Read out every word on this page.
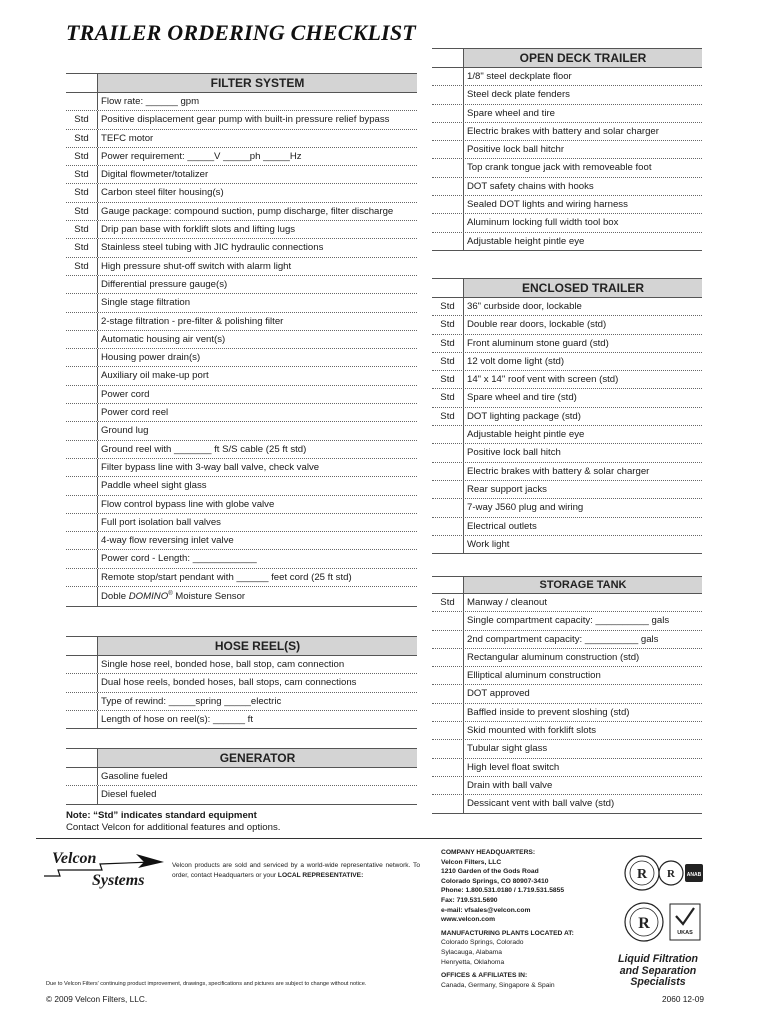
TRAILER ORDERING CHECKLIST
FILTER SYSTEM
Flow rate: ______ gpm
Std	Positive displacement gear pump with built-in pressure relief bypass
Std	TEFC motor
Std	Power requirement: _____V _____ph _____Hz
Std	Digital flowmeter/totalizer
Std	Carbon steel filter housing(s)
Std	Gauge package: compound suction, pump discharge, filter discharge
Std	Drip pan base with forklift slots and lifting lugs
Std	Stainless steel tubing with JIC hydraulic connections
Std	High pressure shut-off switch with alarm light
Differential pressure gauge(s)
Single stage filtration
2-stage filtration - pre-filter & polishing filter
Automatic housing air vent(s)
Housing power drain(s)
Auxiliary oil make-up port
Power cord
Power cord reel
Ground lug
Ground reel with _______ ft S/S cable (25 ft std)
Filter bypass line with 3-way ball valve, check valve
Paddle wheel sight glass
Flow control bypass line with globe valve
Full port isolation ball valves
4-way flow reversing inlet valve
Power cord - Length: ____________
Remote stop/start pendant with ______ feet cord (25 ft std)
Doble DOMINO® Moisture Sensor
HOSE REEL(S)
Single hose reel, bonded hose, ball stop, cam connection
Dual hose reels, bonded hoses, ball stops, cam connections
Type of rewind: _____spring _____electric
Length of hose on reel(s): ______ ft
GENERATOR
Gasoline fueled
Diesel fueled
OPEN DECK TRAILER
1/8" steel deckplate floor
Steel deck plate fenders
Spare wheel and tire
Electric brakes with battery and solar charger
Positive lock ball hitchr
Top crank tongue jack with removeable foot
DOT safety chains with hooks
Sealed DOT lights and wiring harness
Aluminum locking full width tool box
Adjustable height pintle eye
ENCLOSED TRAILER
Std	36" curbside door, lockable
Std	Double rear doors, lockable (std)
Std	Front aluminum stone guard (std)
Std	12 volt dome light (std)
Std	14" x 14" roof vent with screen (std)
Std	Spare wheel and tire (std)
Std	DOT lighting package (std)
Adjustable height pintle eye
Positive lock ball hitch
Electric brakes with battery & solar charger
Rear support jacks
7-way J560 plug and wiring
Electrical outlets
Work light
STORAGE TANK
Std	Manway / cleanout
Single compartment capacity: __________ gals
2nd compartment capacity: __________ gals
Rectangular aluminum construction (std)
Elliptical aluminum construction
DOT approved
Baffled inside to prevent sloshing (std)
Skid mounted with forklift slots
Tubular sight glass
High level float switch
Drain with ball valve
Dessicant vent with ball valve (std)
Note: “Std” indicates standard equipment
Contact Velcon for additional features and options.
Velcon
Systems
Velcon products are sold and serviced by a world-wide representative network. To order, contact Headquarters or your LOCAL REPRESENTATIVE:
COMPANY HEADQUARTERS:
Velcon Filters, LLC
1210 Garden of the Gods Road
Colorado Springs, CO 80907-3410
Phone: 1.800.531.0180 / 1.719.531.5855
Fax: 719.531.5690
e-mail: vfsales@velcon.com
www.velcon.com
MANUFACTURING PLANTS LOCATED AT:
Colorado Springs, Colorado
Sylacauga, Alabama
Henryetta, Oklahoma
OFFICES & AFFILIATES IN:
Canada, Germany, Singapore & Spain
R R ANAB
R
UKAS
Liquid Filtration
and Separation
Specialists
Due to Velcon Filters' continuing product improvement, drawings, specifications and pictures are subject to change without notice.
© 2009 Velcon Filters, LLC.	2060 12-09
